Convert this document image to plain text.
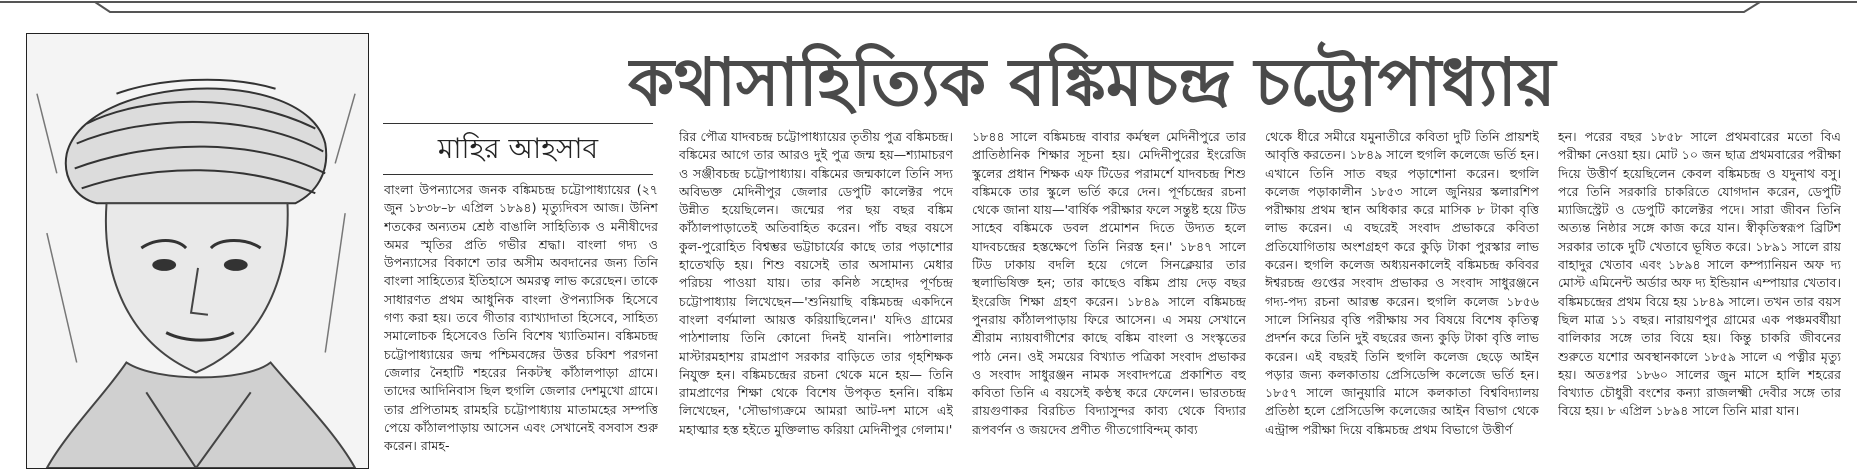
কথাসাহিত্যিক বঙ্কিমচন্দ্র চট্টোপাধ্যায়
মাহির আহসাব

বাংলা উপন্যাসের জনক বঙ্কিমচন্দ্র চট্টোপাধ্যায়ের (২৭ জুন ১৮৩৮–৮ এপ্রিল ১৮৯৪) মৃত্যুদিবস আজ। উনিশ শতকের অন্যতম শ্রেষ্ঠ বাঙালি সাহিত্যিক ও মনীষীদের অমর স্মৃতির প্রতি গভীর শ্রদ্ধা। বাংলা গদ্য ও উপন্যাসের বিকাশে তার অসীম অবদানের জন্য তিনি বাংলা সাহিত্যের ইতিহাসে অমরত্ব লাভ করেছেন। তাকে সাধারণত প্রথম আধুনিক বাংলা ঔপন্যাসিক হিসেবে গণ্য করা হয়। তবে গীতার ব্যাখ্যাদাতা হিসেবে, সাহিত্য সমালোচক হিসেবেও তিনি বিশেষ খ্যাতিমান। বঙ্কিমচন্দ্র চট্টোপাধ্যায়ের জন্ম পশ্চিমবঙ্গের উত্তর চব্বিশ পরগনা জেলার নৈহাটি শহরের নিকটস্থ কাঁঠালপাড়া গ্রামে। তাদের আদিনিবাস ছিল হুগলি জেলার দেশমুখো গ্রামে। তার প্রপিতামহ রামহরি চট্টোপাধ্যায় মাতামহের সম্পত্তি পেয়ে কাঁঠালপাড়ায় আসেন এবং সেখানেই বসবাস শুরু করেন। রামহ-

রির পৌত্র যাদবচন্দ্র চট্টোপাধ্যায়ের তৃতীয় পুত্র বঙ্কিমচন্দ্র। বঙ্কিমের আগে তার আরও দুই পুত্র জন্ম হয়—শ্যামাচরণ ও সঞ্জীবচন্দ্র চট্টোপাধ্যায়। বঙ্কিমের জন্মকালে তিনি সদ্য অবিভক্ত মেদিনীপুর জেলার ডেপুটি কালেক্টর পদে উন্নীত হয়েছিলেন। জন্মের পর ছয় বছর বঙ্কিম কাঁঠালপাড়াতেই অতিবাহিত করেন। পাঁচ বছর বয়সে কুল-পুরোহিত বিশ্বম্ভর ভট্টাচার্যের কাছে তার পড়াশোর হাতেখড়ি হয়। শিশু বয়সেই তার অসামান্য মেধার পরিচয় পাওয়া যায়। তার কনিষ্ঠ সহোদর পূর্ণচন্দ্র চট্টোপাধ্যায় লিখেছেন—'শুনিয়াছি বঙ্কিমচন্দ্র একদিনে বাংলা বর্ণমালা আয়ত্ত করিয়াছিলেন।' যদিও গ্রামের পাঠশালায় তিনি কোনো দিনই যাননি। পাঠশালার মাস্টারমহাশয় রামপ্রাণ সরকার বাড়িতে তার গৃহশিক্ষক নিযুক্ত হন। বঙ্কিমচন্দ্রের রচনা থেকে মনে হয়— তিনি রামপ্রাণের শিক্ষা থেকে বিশেষ উপকৃত হননি। বঙ্কিম লিখেছেন, 'সৌভাগ্যক্রমে আমরা আট-দশ মাসে এই মহাত্মার হস্ত হইতে মুক্তিলাভ করিয়া মেদিনীপুর গেলাম।'

১৮৪৪ সালে বঙ্কিমচন্দ্র বাবার কর্মস্থল মেদিনীপুরে তার প্রাতিষ্ঠানিক শিক্ষার সূচনা হয়। মেদিনীপুরের ইংরেজি স্কুলের প্রধান শিক্ষক এফ টিডের পরামর্শে যাদবচন্দ্র শিশু বঙ্কিমকে তার স্কুলে ভর্তি করে দেন। পূর্ণচন্দ্রের রচনা থেকে জানা যায়—'বার্ষিক পরীক্ষার ফলে সন্তুষ্ট হয়ে টিড সাহেব বঙ্কিমকে ডবল প্রমোশন দিতে উদ্যত হলে যাদবচন্দ্রের হস্তক্ষেপে তিনি নিরস্ত হন।' ১৮৪৭ সালে টিড ঢাকায় বদলি হয়ে গেলে সিনক্লেয়ার তার স্থলাভিষিক্ত হন; তার কাছেও বঙ্কিম প্রায় দেড় বছর ইংরেজি শিক্ষা গ্রহণ করেন। ১৮৪৯ সালে বঙ্কিমচন্দ্র পুনরায় কাঁঠালপাড়ায় ফিরে আসেন। এ সময় সেখানে শ্রীরাম ন্যায়বাগীশের কাছে বঙ্কিম বাংলা ও সংস্কৃতের পাঠ নেন। ওই সময়ের বিখ্যাত পত্রিকা সংবাদ প্রভাকর ও সংবাদ সাধুরঞ্জন নামক সংবাদপত্রে প্রকাশিত বহু কবিতা তিনি এ বয়সেই কণ্ঠস্থ করে ফেলেন। ভারতচন্দ্র রায়গুণাকর বিরচিত বিদ্যাসুন্দর কাব্য থেকে বিদ্যার রূপবর্ণন ও জয়দেব প্রণীত গীতগোবিন্দম্ কাব্য

থেকে ধীরে সমীরে যমুনাতীরে কবিতা দুটি তিনি প্রায়শই আবৃত্তি করতেন। ১৮৪৯ সালে হুগলি কলেজে ভর্তি হন। এখানে তিনি সাত বছর পড়াশোনা করেন। হুগলি কলেজ পড়াকালীন ১৮৫৩ সালে জুনিয়র স্কলারশিপ পরীক্ষায় প্রথম স্থান অধিকার করে মাসিক ৮ টাকা বৃত্তি লাভ করেন। এ বছরেই সংবাদ প্রভাকরে কবিতা প্রতিযোগিতায় অংশগ্রহণ করে কুড়ি টাকা পুরস্কার লাভ করেন। হুগলি কলেজ অধ্যয়নকালেই বঙ্কিমচন্দ্র কবিবর ঈশ্বরচন্দ্র গুপ্তের সংবাদ প্রভাকর ও সংবাদ সাধুরঞ্জনে গদ্য-পদ্য রচনা আরম্ভ করেন। হুগলি কলেজ ১৮৫৬ সালে সিনিয়র বৃত্তি পরীক্ষায় সব বিষয়ে বিশেষ কৃতিত্ব প্রদর্শন করে তিনি দুই বছরের জন্য কুড়ি টাকা বৃত্তি লাভ করেন। এই বছরই তিনি হুগলি কলেজ ছেড়ে আইন পড়ার জন্য কলকাতায় প্রেসিডেন্সি কলেজে ভর্তি হন। ১৮৫৭ সালে জানুয়ারি মাসে কলকাতা বিশ্ববিদ্যালয় প্রতিষ্ঠা হলে প্রেসিডেন্সি কলেজের আইন বিভাগ থেকে এন্ট্রান্স পরীক্ষা দিয়ে বঙ্কিমচন্দ্র প্রথম বিভাগে উত্তীর্ণ

হন। পরের বছর ১৮৫৮ সালে প্রথমবারের মতো বিএ পরীক্ষা নেওয়া হয়। মোট ১০ জন ছাত্র প্রথমবারের পরীক্ষা দিয়ে উত্তীর্ণ হয়েছিলেন কেবল বঙ্কিমচন্দ্র ও যদুনাথ বসু। পরে তিনি সরকারি চাকরিতে যোগদান করেন, ডেপুটি ম্যাজিস্ট্রেট ও ডেপুটি কালেক্টর পদে। সারা জীবন তিনি অত্যন্ত নিষ্ঠার সঙ্গে কাজ করে যান। স্বীকৃতিস্বরূপ ব্রিটিশ সরকার তাকে দুটি খেতাবে ভূষিত করে। ১৮৯১ সালে রায় বাহাদুর খেতাব এবং ১৮৯৪ সালে কম্প্যানিয়ন অফ দ্য মোস্ট এমিনেন্ট অর্ডার অফ দ্য ইন্ডিয়ান এম্পায়ার খেতাব। বঙ্কিমচন্দ্রের প্রথম বিয়ে হয় ১৮৪৯ সালে। তখন তার বয়স ছিল মাত্র ১১ বছর। নারায়ণপুর গ্রামের এক পঞ্চমবর্ষীয়া বালিকার সঙ্গে তার বিয়ে হয়। কিন্তু চাকরি জীবনের শুরুতে যশোর অবস্থানকালে ১৮৫৯ সালে এ পত্নীর মৃত্যু হয়। অতঃপর ১৮৬০ সালের জুন মাসে হালি শহরের বিখ্যাত চৌধুরী বংশের কন্যা রাজলক্ষ্মী দেবীর সঙ্গে তার বিয়ে হয়। ৮ এপ্রিল ১৮৯৪ সালে তিনি মারা যান।
